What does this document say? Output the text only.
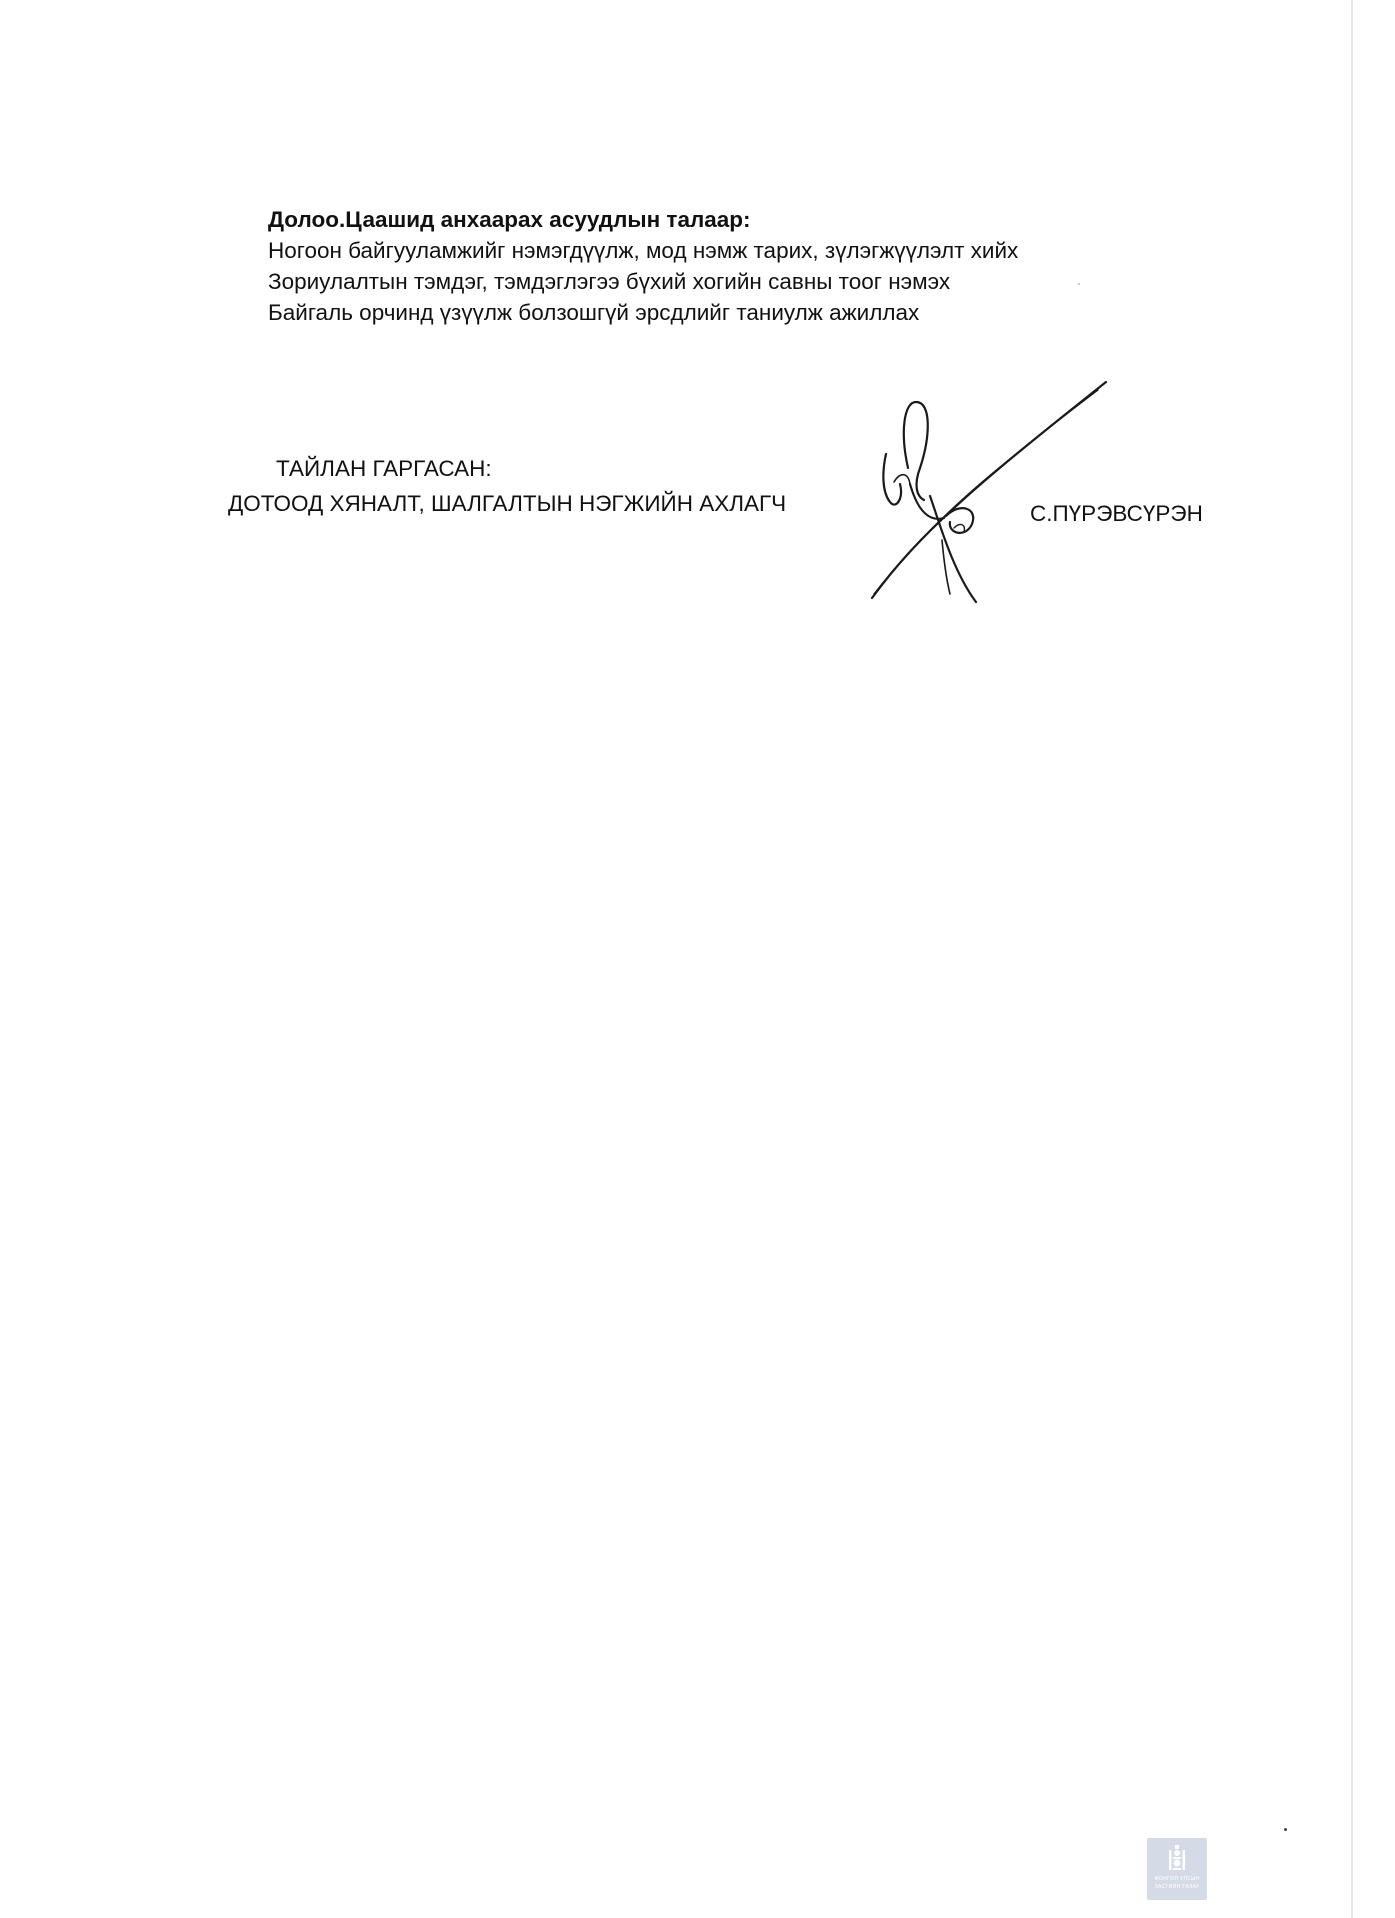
Долоо.Цаашид анхаарах асуудлын талаар:

Ногоон байгууламжийг нэмэгдүүлж, мод нэмж тарих, зүлэгжүүлэлт хийх

Зориулалтын тэмдэг, тэмдэглэгээ бүхий хогийн савны тоог нэмэх

Байгаль орчинд үзүүлж болзошгүй эрсдлийг таниулж ажиллах

ТАЙЛАН ГАРГАСАН:
ДОТООД ХЯНАЛТ, ШАЛГАЛТЫН НЭГЖИЙН АХЛАГЧ	С.ПҮРЭВСҮРЭН
МОНГОЛ УЛСЫН
ЗАСГИЙН ГАЗАР
